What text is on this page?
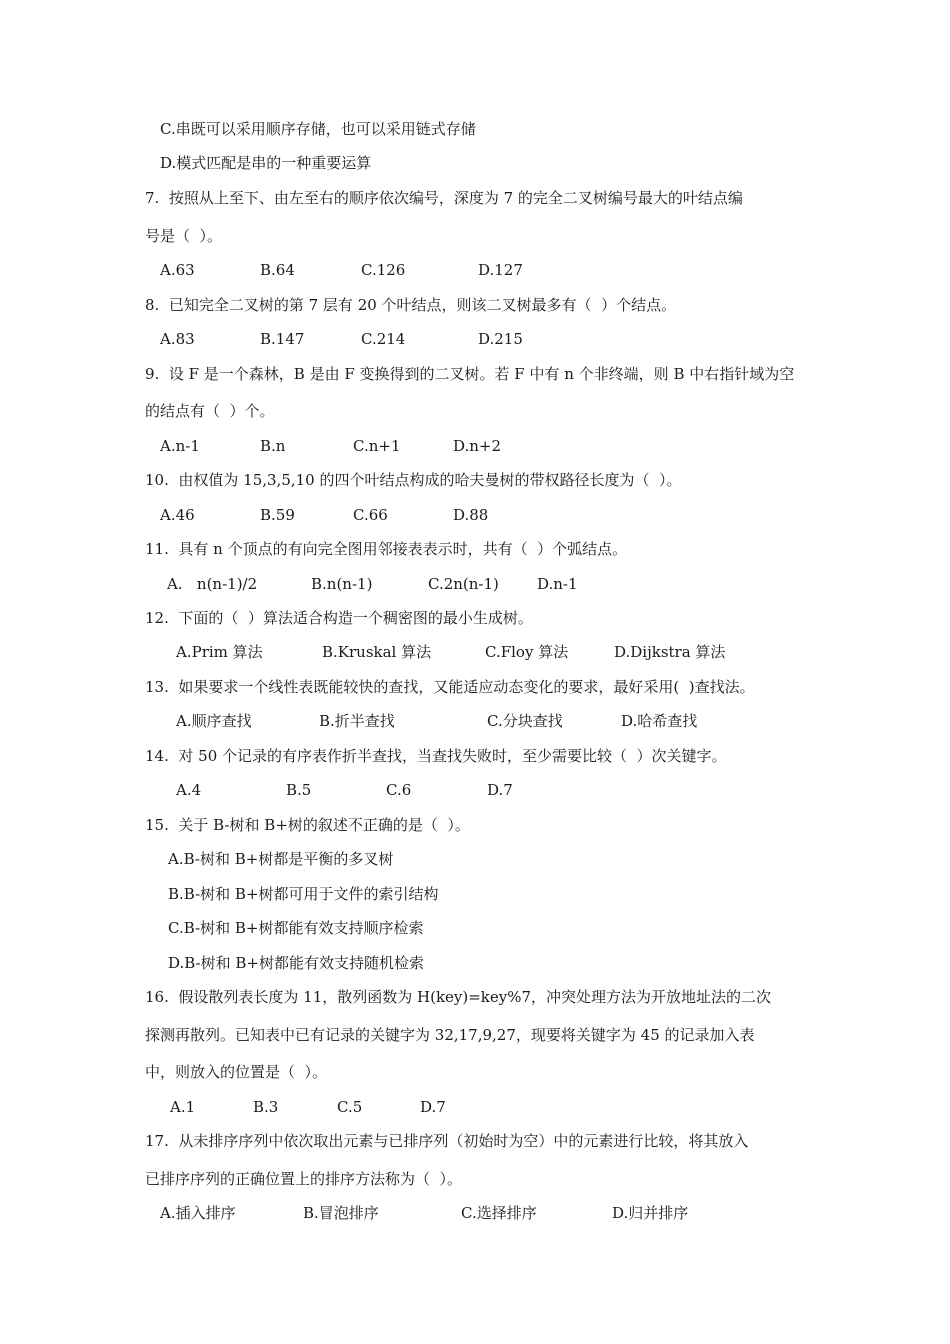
C.串既可以采用顺序存储，也可以采用链式存储
D.模式匹配是串的一种重要运算
7.  按照从上至下、由左至右的顺序依次编号，深度为 7 的完全二叉树编号最大的叶结点编
号是（  ）。
A.63	B.64	C.126	D.127
8.  已知完全二叉树的第 7 层有 20 个叶结点，则该二叉树最多有（  ）个结点。
A.83	B.147	C.214	D.215
9.  设 F 是一个森林，B 是由 F 变换得到的二叉树。若 F 中有 n 个非终端，则 B 中右指针域为空
的结点有（  ）个。
A.n-1	B.n	C.n+1	D.n+2
10.  由权值为 15,3,5,10 的四个叶结点构成的哈夫曼树的带权路径长度为（  ）。
A.46	B.59	C.66	D.88
11.  具有 n 个顶点的有向完全图用邻接表表示时，共有（  ）个弧结点。
A.   n(n-1)/2	B.n(n-1)	C.2n(n-1)	D.n-1
12.  下面的（  ）算法适合构造一个稠密图的最小生成树。
A.Prim 算法	B.Kruskal 算法	C.Floy 算法	D.Dijkstra 算法
13.  如果要求一个线性表既能较快的查找，又能适应动态变化的要求，最好采用(  )查找法。
A.顺序查找	B.折半查找	C.分块查找	D.哈希查找
14.  对 50 个记录的有序表作折半查找，当查找失败时，至少需要比较（  ）次关键字。
A.4	B.5	C.6	D.7
15.  关于 B-树和 B+树的叙述不正确的是（  ）。
A.B-树和 B+树都是平衡的多叉树
B.B-树和 B+树都可用于文件的索引结构
C.B-树和 B+树都能有效支持顺序检索
D.B-树和 B+树都能有效支持随机检索
16.  假设散列表长度为 11，散列函数为 H(key)=key%7，冲突处理方法为开放地址法的二次
探测再散列。已知表中已有记录的关键字为 32,17,9,27，现要将关键字为 45 的记录加入表
中，则放入的位置是（  ）。
A.1	B.3	C.5	D.7
17.  从未排序序列中依次取出元素与已排序列（初始时为空）中的元素进行比较，将其放入
已排序序列的正确位置上的排序方法称为（  ）。
A.插入排序	B.冒泡排序	C.选择排序	D.归并排序
